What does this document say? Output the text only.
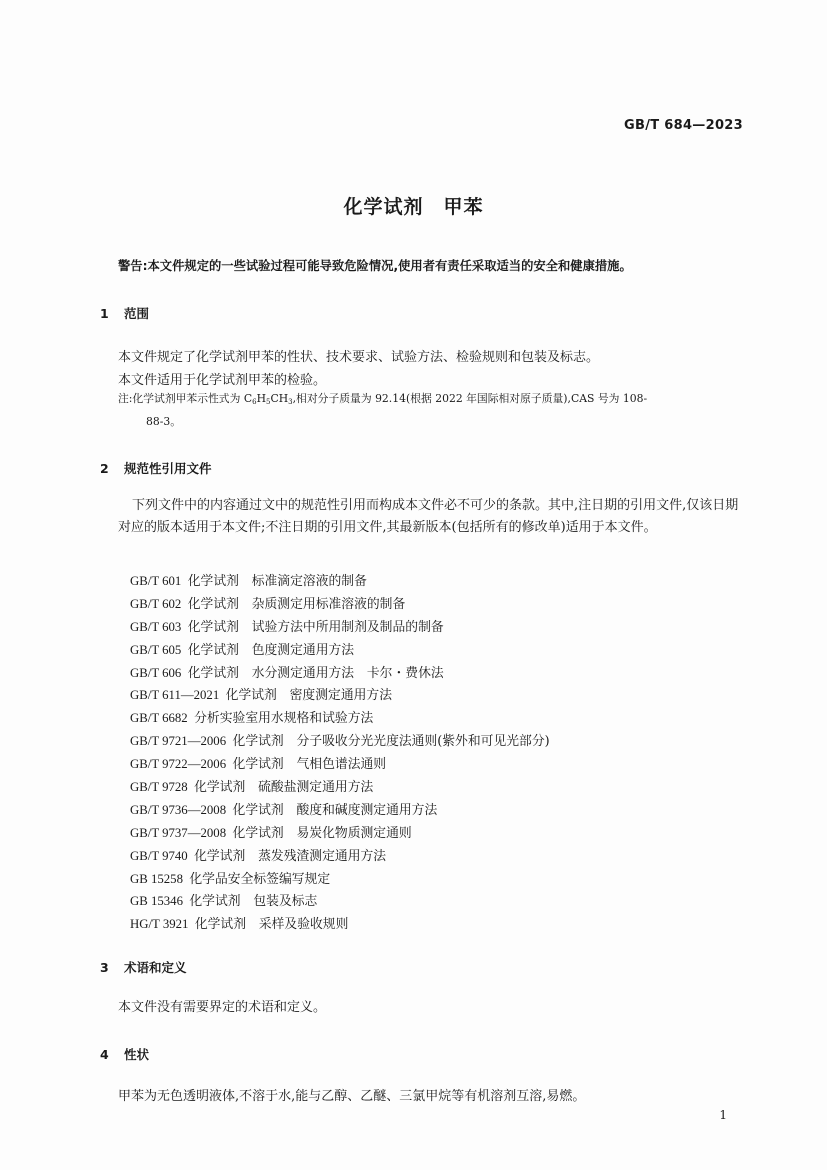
GB/T 684—2023
化学试剂　甲苯
警告:本文件规定的一些试验过程可能导致危险情况,使用者有责任采取适当的安全和健康措施。
1 范围
本文件规定了化学试剂甲苯的性状、技术要求、试验方法、检验规则和包装及标志。
本文件适用于化学试剂甲苯的检验。
注:化学试剂甲苯示性式为 $C_6H_5CH_3$,相对分子质量为 92.14(根据 2022 年国际相对原子质量),CAS 号为 108-
88-3。
2 规范性引用文件
下列文件中的内容通过文中的规范性引用而构成本文件必不可少的条款。其中,注日期的引用文件,仅该日期对应的版本适用于本文件;不注日期的引用文件,其最新版本(包括所有的修改单)适用于本文件。
GB/T 601  化学试剂　标准滴定溶液的制备
GB/T 602  化学试剂　杂质测定用标准溶液的制备
GB/T 603  化学试剂　试验方法中所用制剂及制品的制备
GB/T 605  化学试剂　色度测定通用方法
GB/T 606  化学试剂　水分测定通用方法　卡尔・费休法
GB/T 611—2021  化学试剂　密度测定通用方法
GB/T 6682  分析实验室用水规格和试验方法
GB/T 9721—2006  化学试剂　分子吸收分光光度法通则(紫外和可见光部分)
GB/T 9722—2006  化学试剂　气相色谱法通则
GB/T 9728  化学试剂　硫酸盐测定通用方法
GB/T 9736—2008  化学试剂　酸度和碱度测定通用方法
GB/T 9737—2008  化学试剂　易炭化物质测定通则
GB/T 9740  化学试剂　蒸发残渣测定通用方法
GB 15258  化学品安全标签编写规定
GB 15346  化学试剂　包装及标志
HG/T 3921  化学试剂　采样及验收规则
3 术语和定义
本文件没有需要界定的术语和定义。
4 性状
甲苯为无色透明液体,不溶于水,能与乙醇、乙醚、三氯甲烷等有机溶剂互溶,易燃。
1
